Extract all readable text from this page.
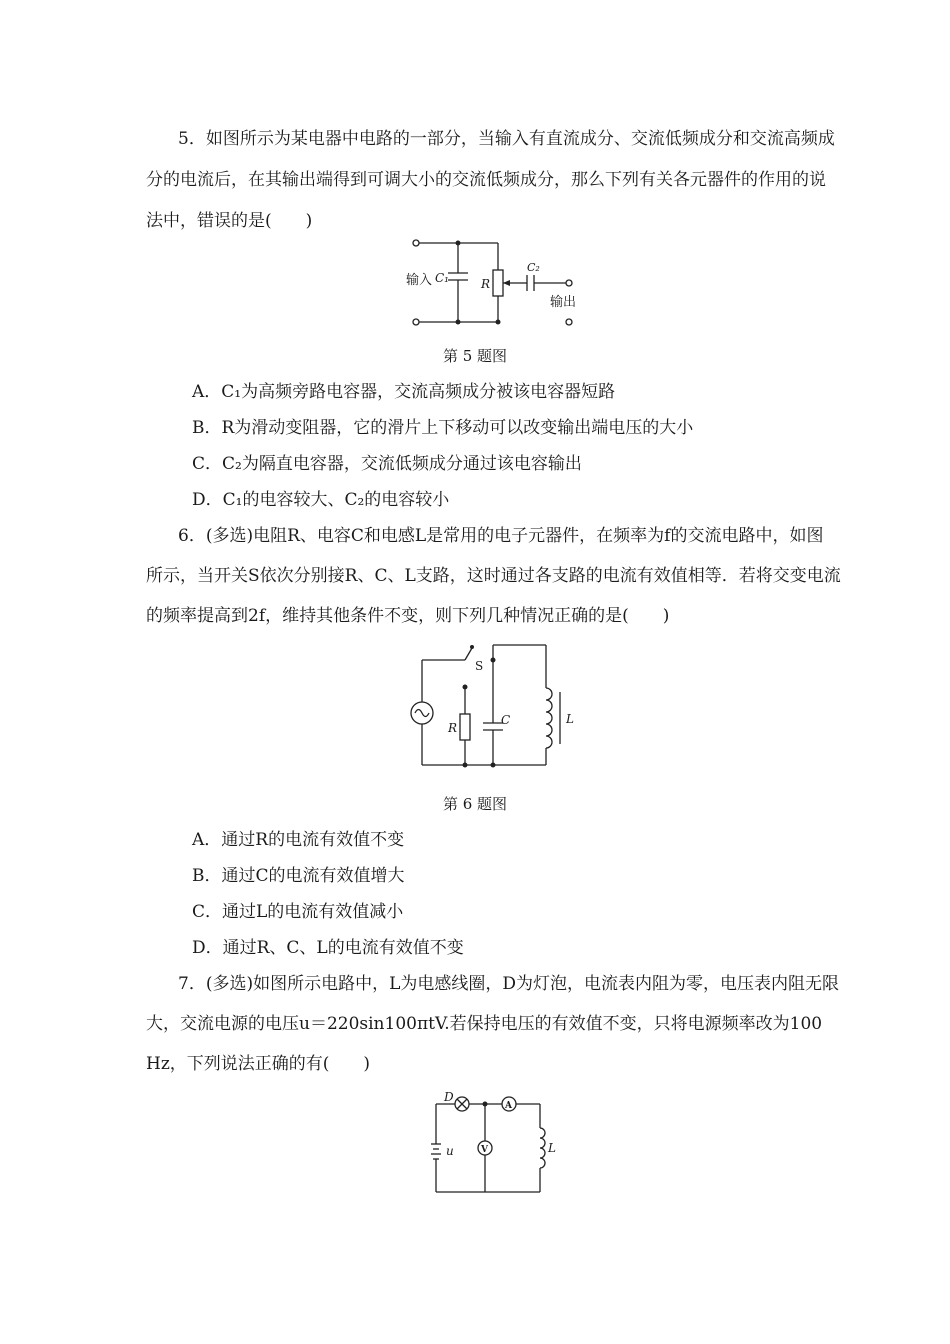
5．如图所示为某电器中电路的一部分，当输入有直流成分、交流低频成分和交流高频成
分的电流后，在其输出端得到可调大小的交流低频成分，那么下列有关各元器件的作用的说
法中，错误的是(　　)
输入 C₁	R
C₂
输出
第 5 题图
A．C₁为高频旁路电容器，交流高频成分被该电容器短路
B．R为滑动变阻器，它的滑片上下移动可以改变输出端电压的大小
C．C₂为隔直电容器，交流低频成分通过该电容输出
D．C₁的电容较大、C₂的电容较小
6．(多选)电阻R、电容C和电感L是常用的电子元器件，在频率为f的交流电路中，如图
所示，当开关S依次分别接R、C、L支路，这时通过各支路的电流有效值相等．若将交变电流
的频率提高到2f，维持其他条件不变，则下列几种情况正确的是(　　)
S
R
C	L
第 6 题图
A．通过R的电流有效值不变
B．通过C的电流有效值增大
C．通过L的电流有效值减小
D．通过R、C、L的电流有效值不变
7．(多选)如图所示电路中，L为电感线圈，D为灯泡，电流表内阻为零，电压表内阻无限
大，交流电源的电压u＝220sin100πtV.若保持电压的有效值不变，只将电源频率改为100
Hz，下列说法正确的有(　　)
D
A
V
u	L
